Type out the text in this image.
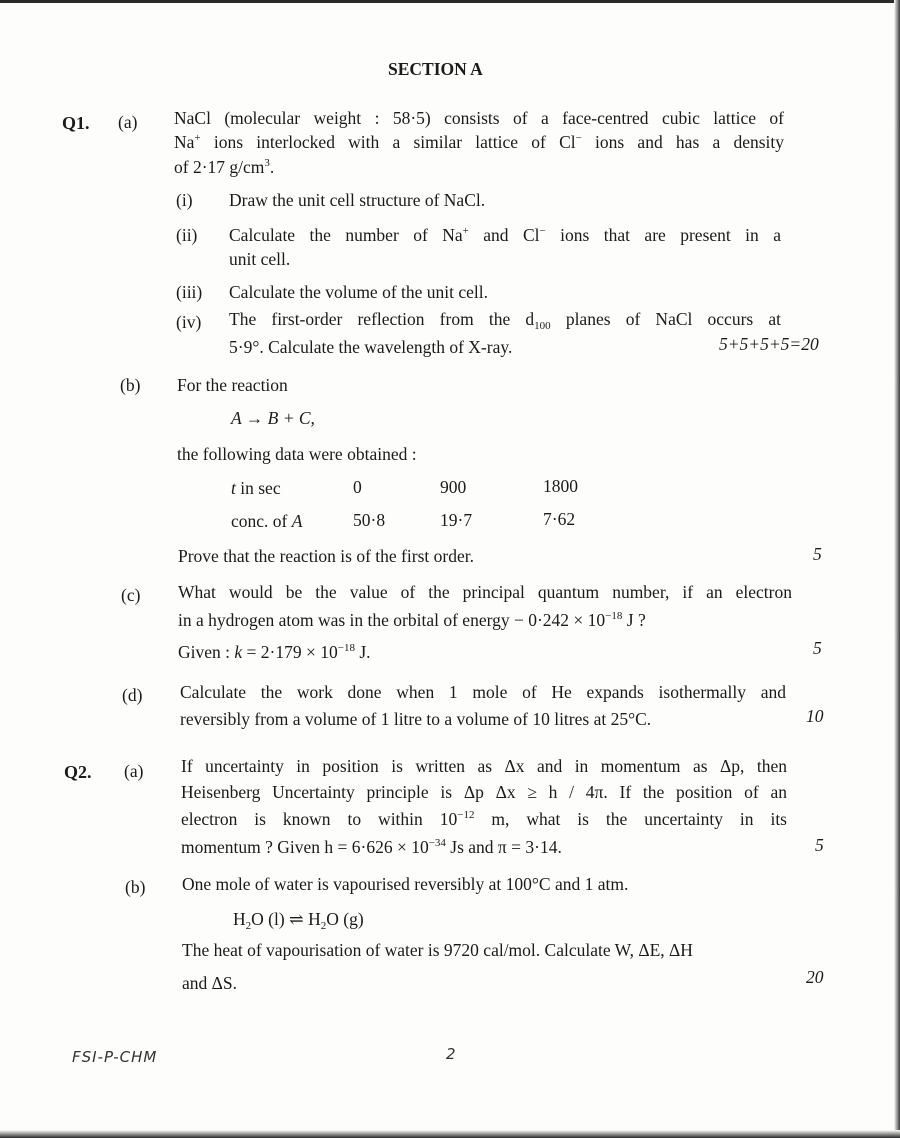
SECTION A
Q1. (a) NaCl (molecular weight : 58·5) consists of a face-centred cubic lattice of
Na+ ions interlocked with a similar lattice of Cl− ions and has a density
of 2·17 $g/cm^3$.
(i) Draw the unit cell structure of NaCl.
(ii) Calculate the number of Na+ and Cl− ions that are present in a
unit cell.
(iii) Calculate the volume of the unit cell.
(iv) The first-order reflection from the $d_{100}$ planes of NaCl occurs at
5·9°. Calculate the wavelength of X-ray.	5+5+5+5=20
(b) For the reaction
A → B + C,
the following data were obtained :
t in sec	0	900	1800
conc. of A	50·8	19·7	7·62
Prove that the reaction is of the first order.	5
(c) What would be the value of the principal quantum number, if an electron
in a hydrogen atom was in the orbital of energy − $0\cdot 242 \times 10^{-18}$ J ?
Given : $k = 2\cdot 179 \times 10^{-18}$ J.	5
(d) Calculate the work done when 1 mole of He expands isothermally and
reversibly from a volume of 1 litre to a volume of 10 litres at 25°C.	10
Q2. (a) If uncertainty in position is written as Δx and in momentum as Δp, then
Heisenberg Uncertainty principle is Δp Δx ≥ h / 4π. If the position of an
electron is known to within $10^{-12}$ m, what is the uncertainty in its
momentum ? Given $h = 6\cdot 626 \times 10^{-34}$ Js and π = 3·14.	5
(b) One mole of water is vapourised reversibly at 100°C and 1 atm.
$H_2O$ (l) ⇌ $H_2O$ (g)
The heat of vapourisation of water is 9720 cal/mol. Calculate W, ΔE, ΔH
and ΔS.	20
FSI-P-CHM	2
